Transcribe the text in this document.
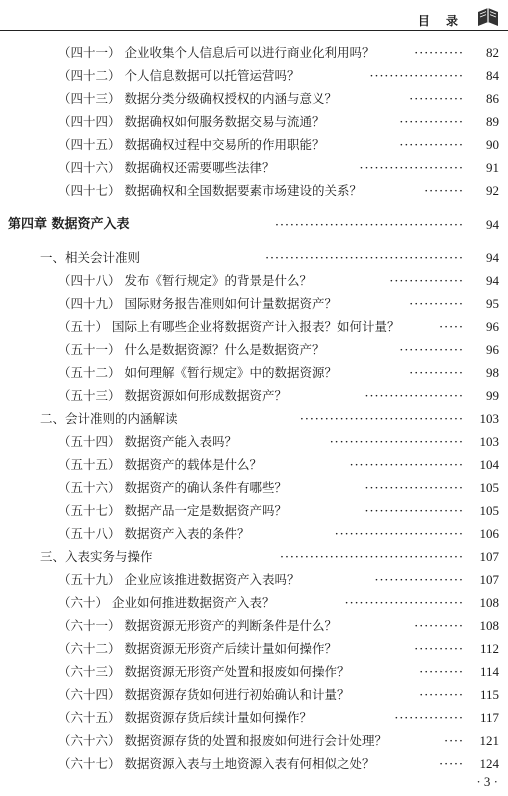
目 录
（四十一） 企业收集个人信息后可以进行商业化利用吗？	··········	82
（四十二） 个人信息数据可以托管运营吗？	···················	84
（四十三） 数据分类分级确权授权的内涵与意义？	···········	86
（四十四） 数据确权如何服务数据交易与流通？	·············	89
（四十五） 数据确权过程中交易所的作用职能？	·············	90
（四十六） 数据确权还需要哪些法律？	·····················	91
（四十七） 数据确权和全国数据要素市场建设的关系？	········	92
第四章 数据资产入表	······································	94
一、相关会计准则	········································	94
（四十八） 发布《暂行规定》的背景是什么？	···············	94
（四十九） 国际财务报告准则如何计量数据资产？	···········	95
（五十） 国际上有哪些企业将数据资产计入报表？如何计量？	·····	96
（五十一） 什么是数据资源？什么是数据资产？	·············	96
（五十二） 如何理解《暂行规定》中的数据资源？	···········	98
（五十三） 数据资源如何形成数据资产？	····················	99
二、会计准则的内涵解读	·································	103
（五十四） 数据资产能入表吗？	···························	103
（五十五） 数据资产的载体是什么？	·······················	104
（五十六） 数据资产的确认条件有哪些？	····················	105
（五十七） 数据产品一定是数据资产吗？	····················	105
（五十八） 数据资产入表的条件？	··························	106
三、入表实务与操作	·····································	107
（五十九） 企业应该推进数据资产入表吗？	··················	107
（六十） 企业如何推进数据资产入表？	························	108
（六十一） 数据资源无形资产的判断条件是什么？	··········	108
（六十二） 数据资源无形资产后续计量如何操作？	··········	112
（六十三） 数据资源无形资产处置和报废如何操作？	·········	114
（六十四） 数据资源存货如何进行初始确认和计量？	·········	115
（六十五） 数据资源存货后续计量如何操作？	··············	117
（六十六） 数据资源存货的处置和报废如何进行会计处理？	····	121
（六十七） 数据资源入表与土地资源入表有何相似之处？	·····	124
· 3 ·
